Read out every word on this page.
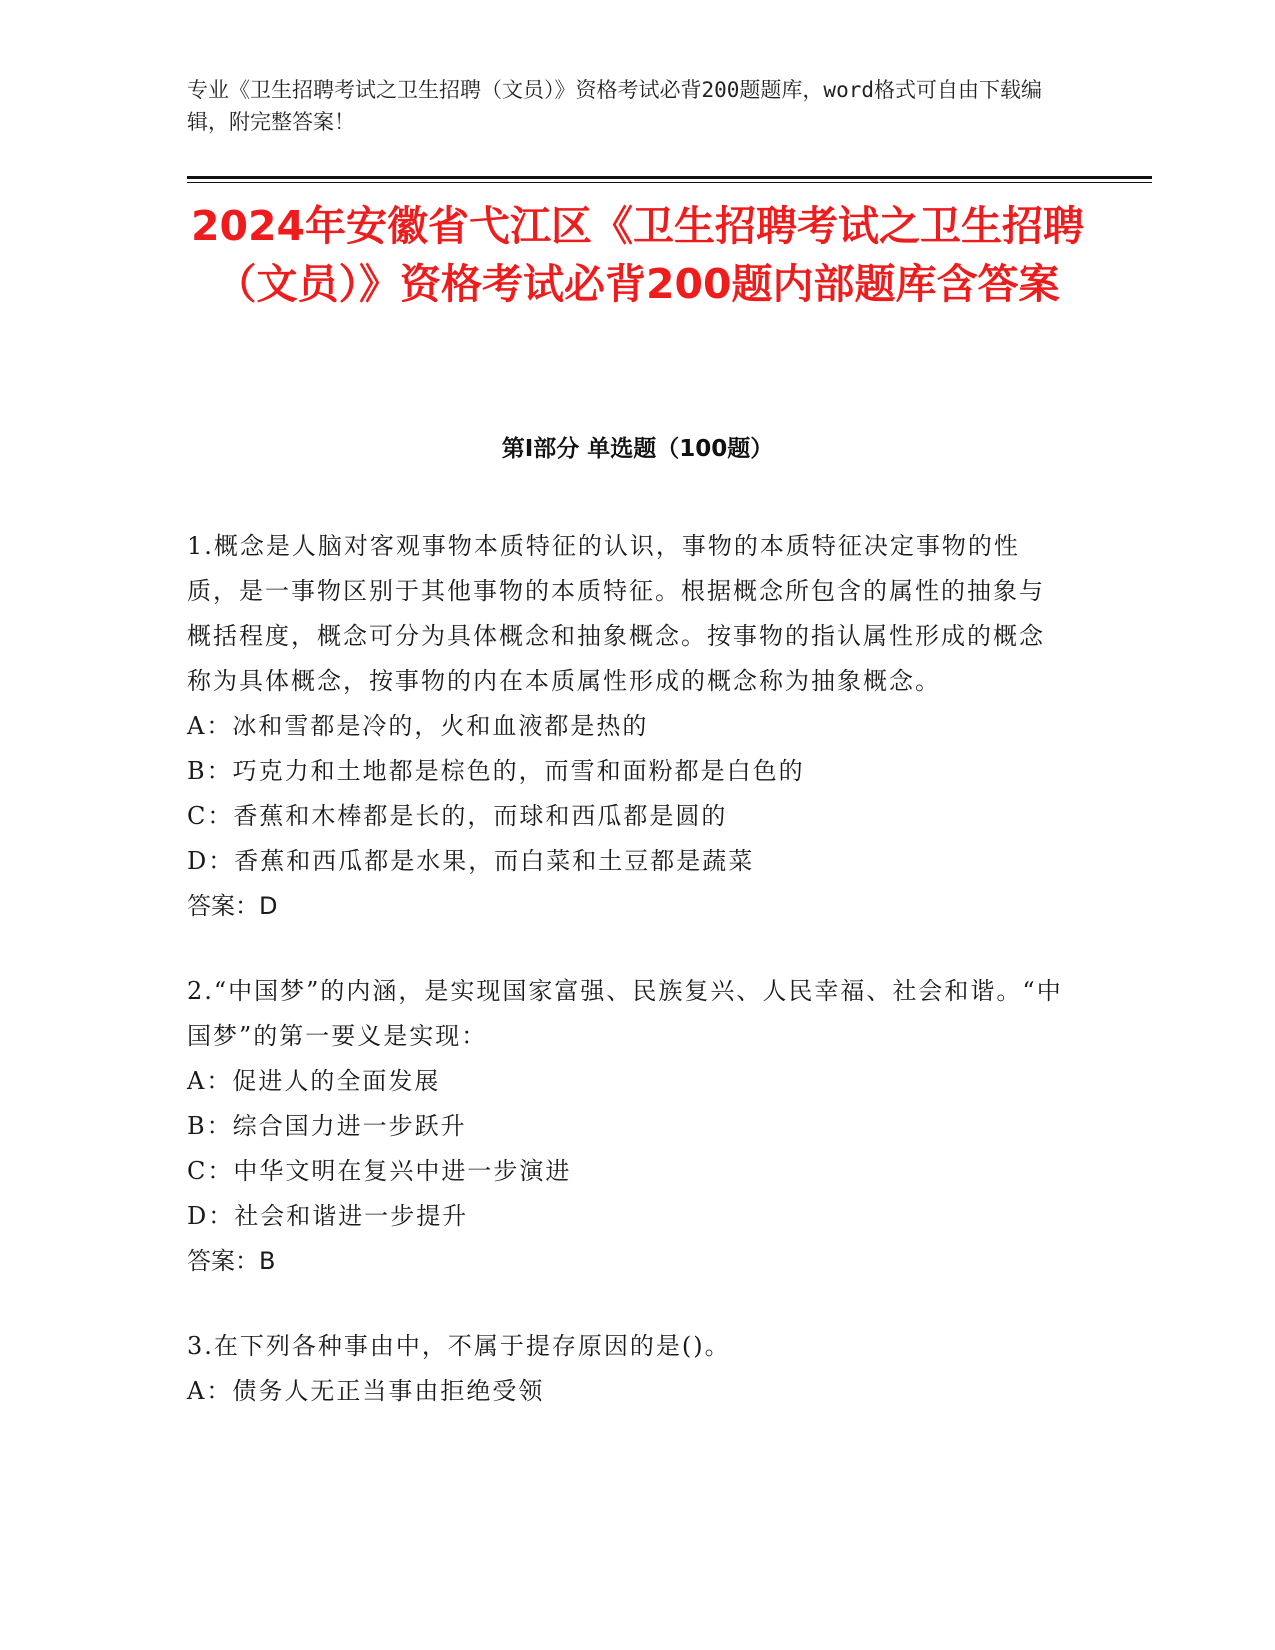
专业《卫生招聘考试之卫生招聘（文员）》资格考试必背200题题库，word格式可自由下载编辑，附完整答案！

2024年安徽省弋江区《卫生招聘考试之卫生招聘（文员）》资格考试必背200题内部题库含答案
第Ⅰ部分 单选题（100题）

1.概念是人脑对客观事物本质特征的认识，事物的本质特征决定事物的性质，是一事物区别于其他事物的本质特征。根据概念所包含的属性的抽象与概括程度，概念可分为具体概念和抽象概念。按事物的指认属性形成的概念称为具体概念，按事物的内在本质属性形成的概念称为抽象概念。

A：冰和雪都是冷的，火和血液都是热的

B：巧克力和土地都是棕色的，而雪和面粉都是白色的

C：香蕉和木棒都是长的，而球和西瓜都是圆的

D：香蕉和西瓜都是水果，而白菜和土豆都是蔬菜

答案：D

2.“中国梦”的内涵，是实现国家富强、民族复兴、人民幸福、社会和谐。“中国梦”的第一要义是实现：

A：促进人的全面发展

B：综合国力进一步跃升

C：中华文明在复兴中进一步演进

D：社会和谐进一步提升

答案：B

3.在下列各种事由中，不属于提存原因的是()。

A：债务人无正当事由拒绝受领
